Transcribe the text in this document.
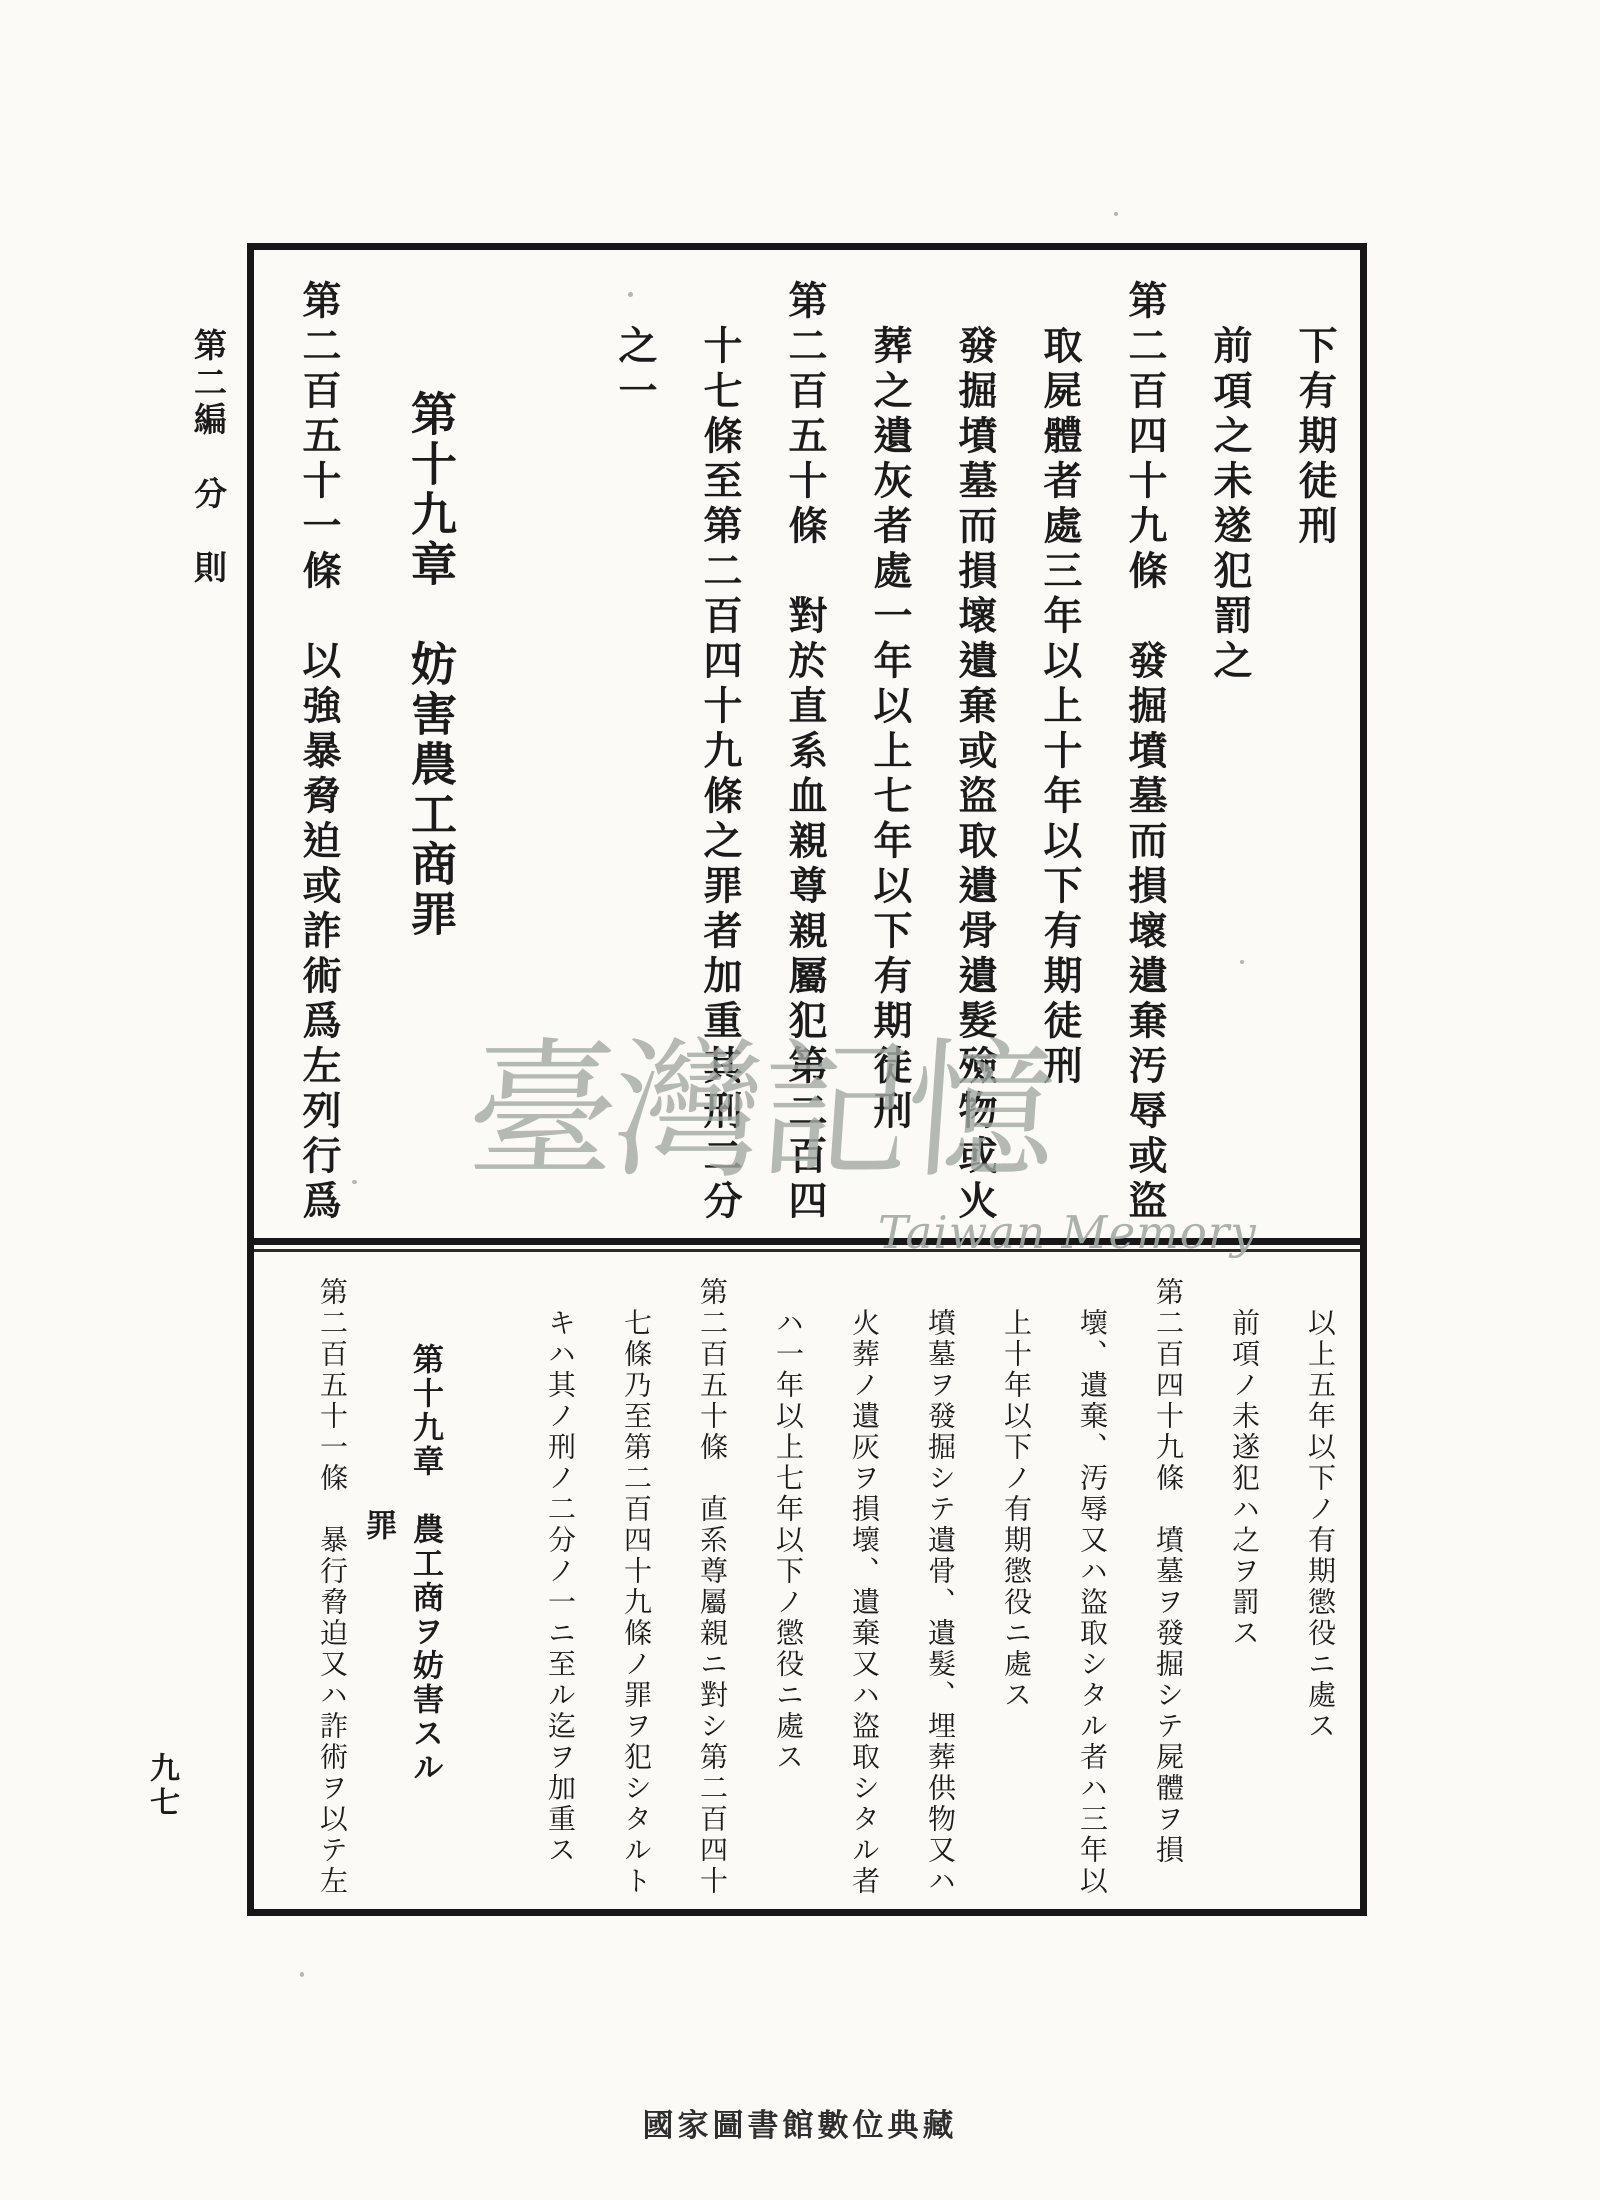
第二編　分　則
九七
下有期徒刑
前項之未遂犯罰之
第二百四十九條　發掘墳墓而損壞遺棄汚辱或盜
取屍體者處三年以上十年以下有期徒刑
發掘墳墓而損壞遺棄或盜取遺骨遺髮殮物或火
葬之遺灰者處一年以上七年以下有期徒刑
第二百五十條　對於直系血親尊親屬犯第二百四
十七條至第二百四十九條之罪者加重其刑二分
之一
第十九章　妨害農工商罪
第二百五十一條　以強暴脅迫或詐術爲左列行爲
以上五年以下ノ有期懲役ニ處ス
前項ノ未遂犯ハ之ヲ罰ス
第二百四十九條　墳墓ヲ發掘シテ屍體ヲ損
壞、遺棄、汚辱又ハ盜取シタル者ハ三年以
上十年以下ノ有期懲役ニ處ス
墳墓ヲ發掘シテ遺骨、遺髮、埋葬供物又ハ
火葬ノ遺灰ヲ損壞、遺棄又ハ盜取シタル者
ハ一年以上七年以下ノ懲役ニ處ス
第二百五十條　直系尊屬親ニ對シ第二百四十
七條乃至第二百四十九條ノ罪ヲ犯シタルト
キハ其ノ刑ノ二分ノ一ニ至ル迄ヲ加重ス
第十九章　農工商ヲ妨害スル
罪
第二百五十一條　暴行脅迫又ハ詐術ヲ以テ左
臺灣記憶
Taiwan Memory
國家圖書館數位典藏
